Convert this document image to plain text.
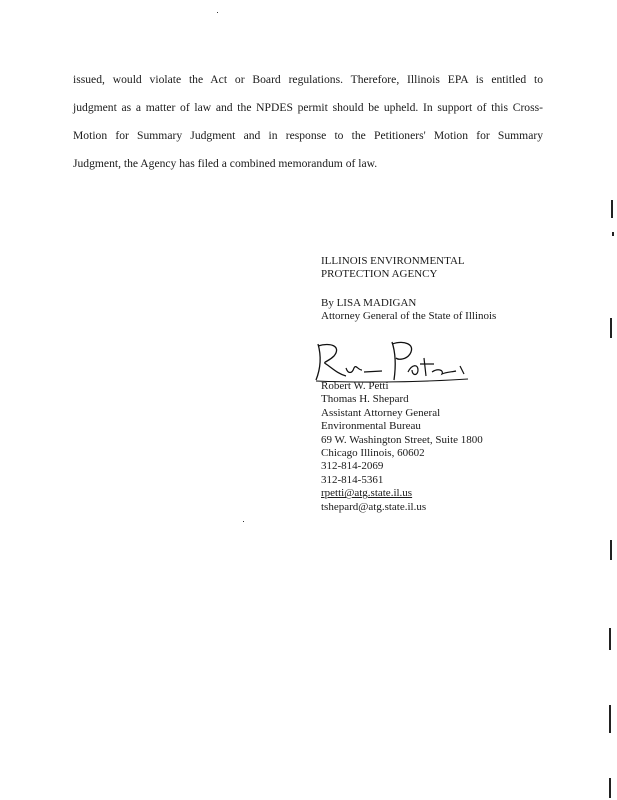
issued, would violate the Act or Board regulations. Therefore, Illinois EPA is entitled to
judgment as a matter of law and the NPDES permit should be upheld. In support of this Cross-
Motion for Summary Judgment and in response to the Petitioners' Motion for Summary
Judgment, the Agency has filed a combined memorandum of law.
ILLINOIS ENVIRONMENTAL
PROTECTION AGENCY
By LISA MADIGAN
Attorney General of the State of Illinois
Robert W. Petti
Thomas H. Shepard
Assistant Attorney General
Environmental Bureau
69 W. Washington Street, Suite 1800
Chicago Illinois, 60602
312-814-2069
312-814-5361
rpetti@atg.state.il.us
tshepard@atg.state.il.us
